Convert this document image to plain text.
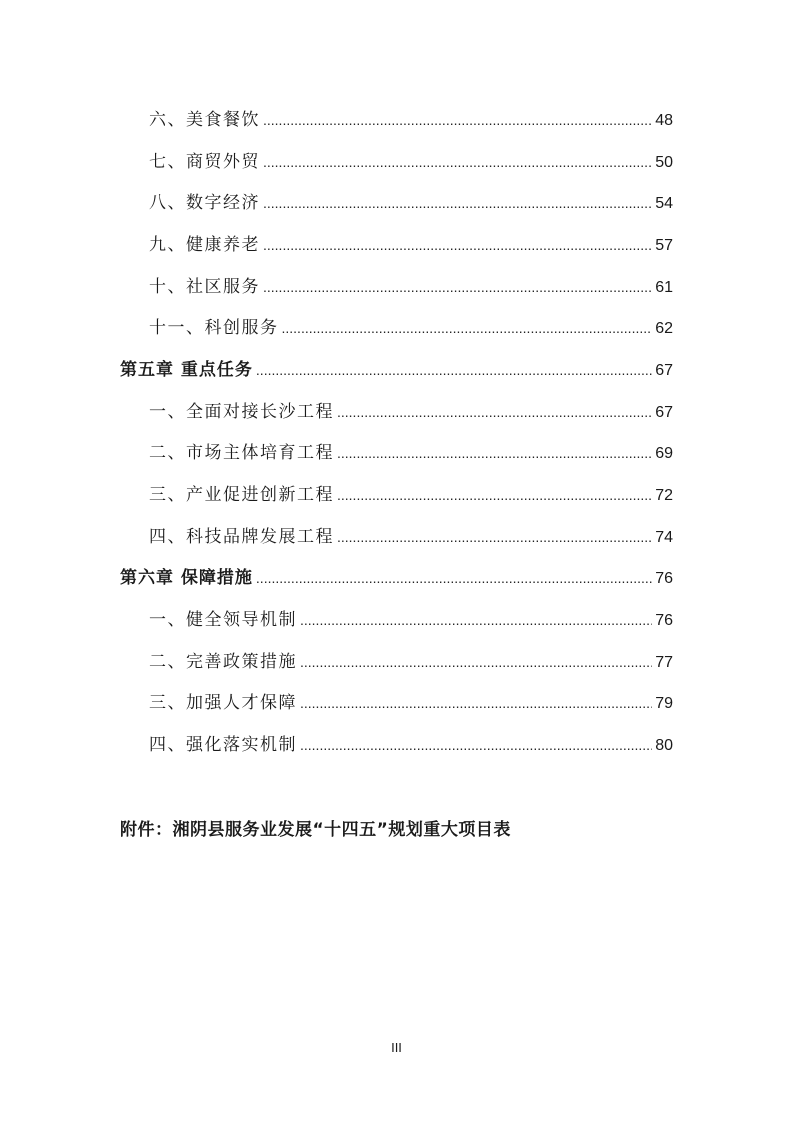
六、美食餐饮 .....	48
七、商贸外贸 .....	50
八、数字经济 .....	54
九、健康养老 .....	57
十、社区服务 .....	61
十一、科创服务 .....	62
第五章 重点任务 .....	67
一、全面对接长沙工程 .....	67
二、市场主体培育工程 .....	69
三、产业促进创新工程 .....	72
四、科技品牌发展工程 .....	74
第六章 保障措施 .....	76
一、健全领导机制 .....	76
二、完善政策措施 .....	77
三、加强人才保障 .....	79
四、强化落实机制 .....	80
附件：湘阴县服务业发展“十四五”规划重大项目表
III
